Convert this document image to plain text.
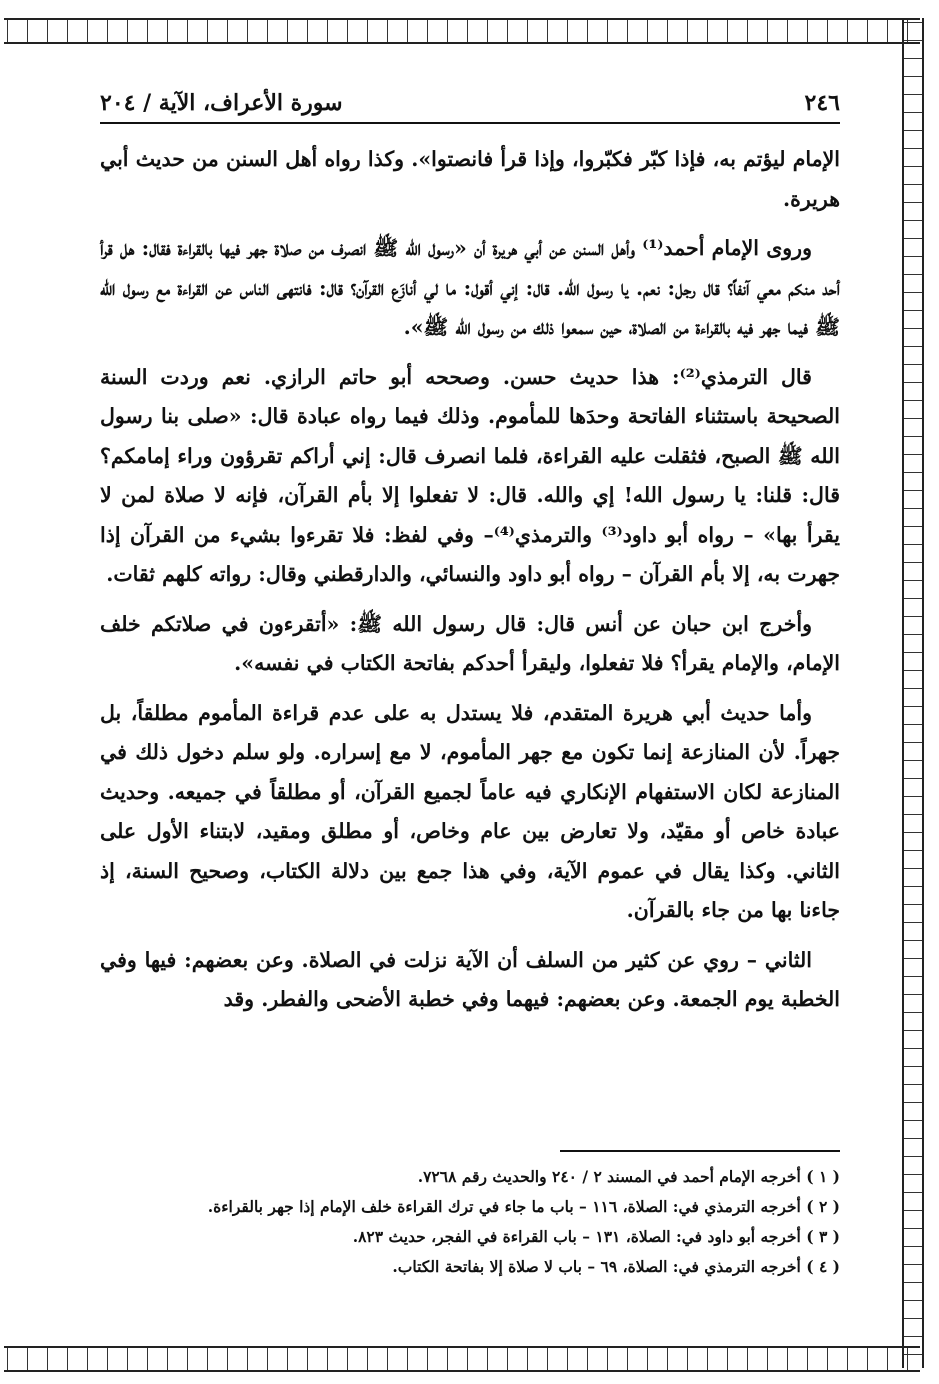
٢٤٦
سورة الأعراف، الآية / ٢٠٤

الإمام ليؤتم به، فإذا كبّر فكبّروا، وإذا قرأ فانصتوا». وكذا رواه أهل السنن من حديث أبي هريرة.

وروى الإمام أحمد⁽¹⁾ وأهل السنن عن أبي هريرة أن «رسول الله ﷺ انصرف من صلاة جهر فيها بالقراءة فقال: هل قرأ أحد منكم معي آنفاً؟ قال رجل: نعم. يا رسول الله. قال: إني أقول: ما لي أنازَع القرآن؟ قال: فانتهى الناس عن القراءة مع رسول الله ﷺ فيما جهر فيه بالقراءة من الصلاة، حين سمعوا ذلك من رسول الله ﷺ».

قال الترمذي⁽²⁾: هذا حديث حسن. وصححه أبو حاتم الرازي. نعم وردت السنة الصحيحة باستثناء الفاتحة وحدَها للمأموم. وذلك فيما رواه عبادة قال: «صلى بنا رسول الله ﷺ الصبح، فثقلت عليه القراءة، فلما انصرف قال: إني أراكم تقرؤون وراء إمامكم؟ قال: قلنا: يا رسول الله! إي والله. قال: لا تفعلوا إلا بأم القرآن، فإنه لا صلاة لمن لا يقرأ بها» – رواه أبو داود⁽³⁾ والترمذي⁽⁴⁾– وفي لفظ: فلا تقرءوا بشيء من القرآن إذا جهرت به، إلا بأم القرآن – رواه أبو داود والنسائي، والدارقطني وقال: رواته كلهم ثقات.

وأخرج ابن حبان عن أنس قال: قال رسول الله ﷺ: «أتقرءون في صلاتكم خلف الإمام، والإمام يقرأ؟ فلا تفعلوا، وليقرأ أحدكم بفاتحة الكتاب في نفسه».

وأما حديث أبي هريرة المتقدم، فلا يستدل به على عدم قراءة المأموم مطلقاً، بل جهراً. لأن المنازعة إنما تكون مع جهر المأموم، لا مع إسراره. ولو سلم دخول ذلك في المنازعة لكان الاستفهام الإنكاري فيه عاماً لجميع القرآن، أو مطلقاً في جميعه. وحديث عبادة خاص أو مقيّد، ولا تعارض بين عام وخاص، أو مطلق ومقيد، لابتناء الأول على الثاني. وكذا يقال في عموم الآية، وفي هذا جمع بين دلالة الكتاب، وصحيح السنة، إذ جاءنا بها من جاء بالقرآن.

الثاني – روي عن كثير من السلف أن الآية نزلت في الصلاة. وعن بعضهم: فيها وفي الخطبة يوم الجمعة. وعن بعضهم: فيهما وفي خطبة الأضحى والفطر. وقد

( ١ ) أخرجه الإمام أحمد في المسند ٢ / ٢٤٠ والحديث رقم ٧٢٦٨.
( ٢ ) أخرجه الترمذي في: الصلاة، ١١٦ – باب ما جاء في ترك القراءة خلف الإمام إذا جهر بالقراءة.
( ٣ ) أخرجه أبو داود في: الصلاة، ١٣١ – باب القراءة في الفجر، حديث ٨٢٣.
( ٤ ) أخرجه الترمذي في: الصلاة، ٦٩ – باب لا صلاة إلا بفاتحة الكتاب.
